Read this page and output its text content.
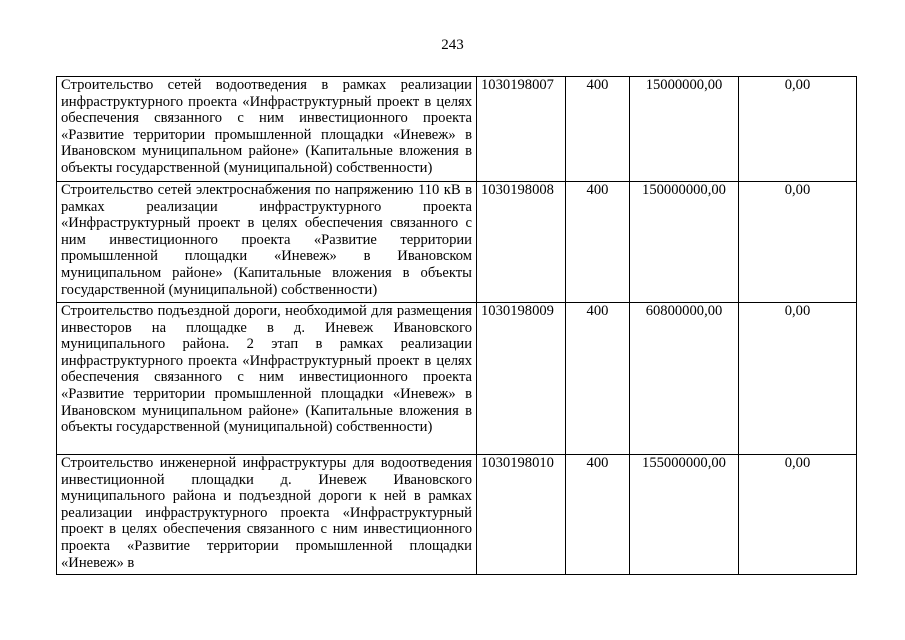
243
Строительство сетей водоотведения в рамках реализации инфраструктурного проекта «Инфраструктурный проект в целях обеспечения связанного с ним инвестиционного проекта «Развитие территории промышленной площадки «Иневеж» в Ивановском муниципальном районе» (Капитальные вложения в объекты государственной (муниципальной) собственности)	1030198007	400	15000000,00	0,00
Строительство сетей электроснабжения по напряжению 110 кВ в рамках реализации инфраструктурного проекта «Инфраструктурный проект в целях обеспечения связанного с ним инвестиционного проекта «Развитие территории промышленной площадки «Иневеж» в Ивановском муниципальном районе» (Капитальные вложения в объекты государственной (муниципальной) собственности)	1030198008	400	150000000,00	0,00
Строительство подъездной дороги, необходимой для размещения инвесторов на площадке в д. Иневеж Ивановского муниципального района. 2 этап в рамках реализации инфраструктурного проекта «Инфраструктурный проект в целях обеспечения связанного с ним инвестиционного проекта «Развитие территории промышленной площадки «Иневеж» в Ивановском муниципальном районе» (Капитальные вложения в объекты государственной (муниципальной) собственности)	1030198009	400	60800000,00	0,00
Строительство инженерной инфраструктуры для водоотведения инвестиционной площадки д. Иневеж Ивановского муниципального района и подъездной дороги к ней в рамках реализации инфраструктурного проекта «Инфраструктурный проект в целях обеспечения связанного с ним инвестиционного проекта «Развитие территории промышленной площадки «Иневеж» в	1030198010	400	155000000,00	0,00
